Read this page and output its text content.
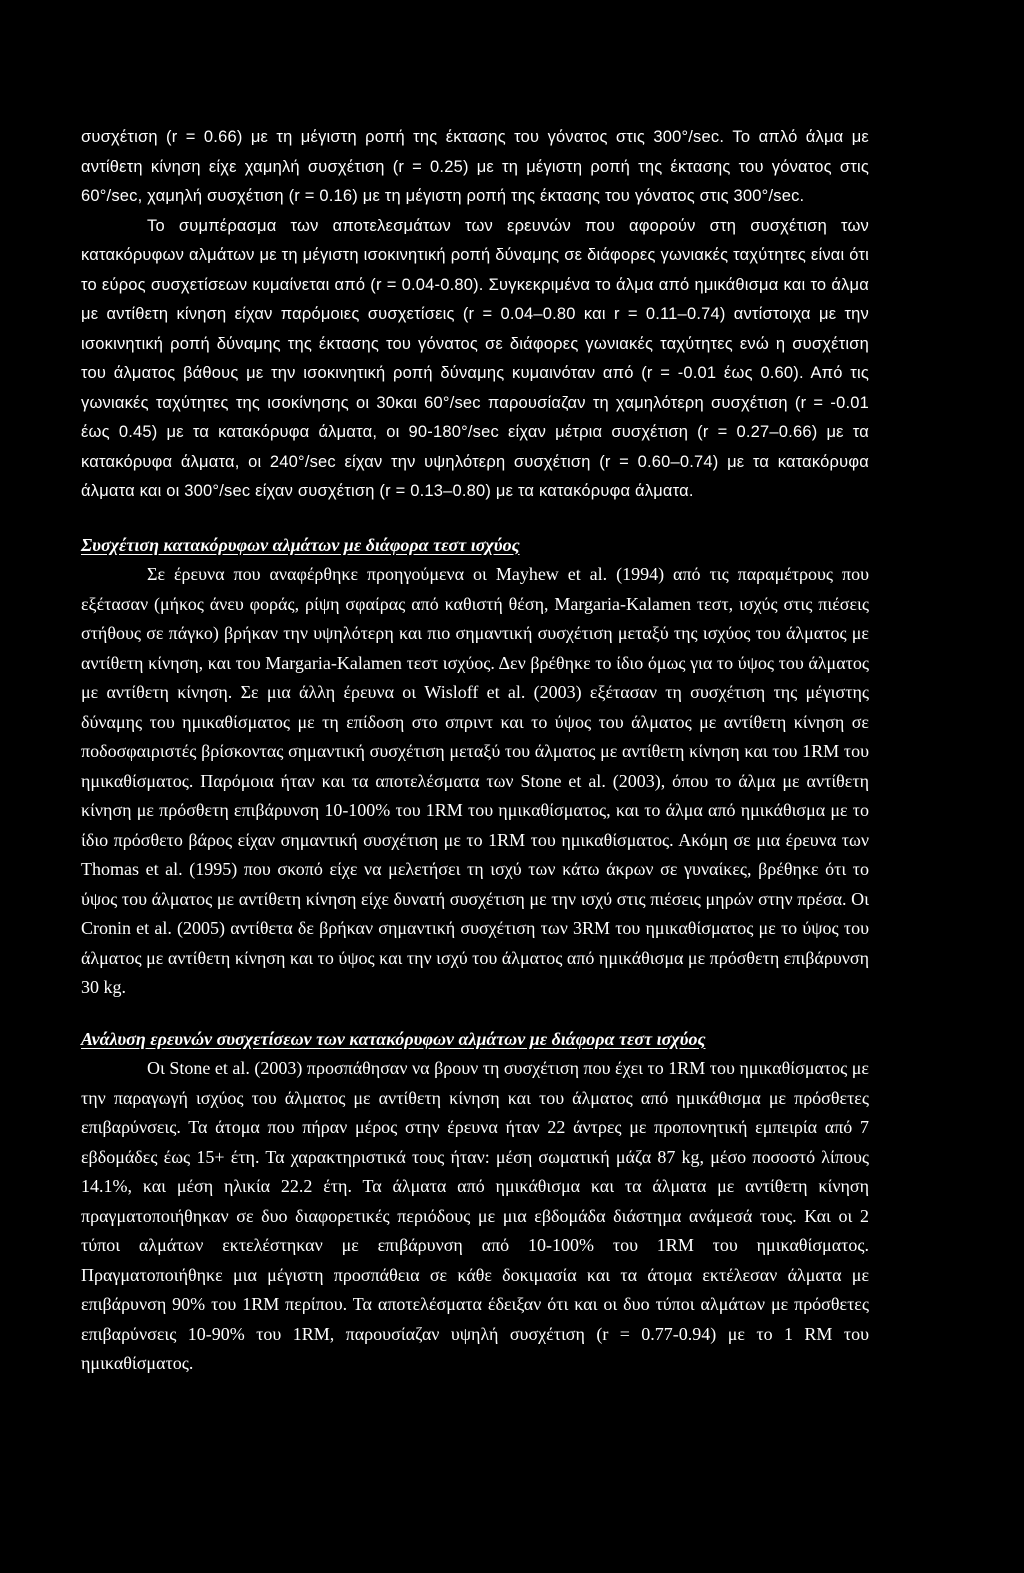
συσχέτιση (r = 0.66) με τη μέγιστη ροπή της έκτασης του γόνατος στις 300°/sec. Το απλό άλμα με αντίθετη κίνηση είχε χαμηλή συσχέτιση (r = 0.25) με τη μέγιστη ροπή της έκτασης του γόνατος στις 60°/sec, χαμηλή συσχέτιση (r = 0.16) με τη μέγιστη ροπή της έκτασης του γόνατος στις 300°/sec.

Το συμπέρασμα των αποτελεσμάτων των ερευνών που αφορούν στη συσχέτιση των κατακόρυφων αλμάτων με τη μέγιστη ισοκινητική ροπή δύναμης σε διάφορες γωνιακές ταχύτητες είναι ότι το εύρος συσχετίσεων κυμαίνεται από (r = 0.04-0.80). Συγκεκριμένα το άλμα από ημικάθισμα και το άλμα με αντίθετη κίνηση είχαν παρόμοιες συσχετίσεις (r = 0.04–0.80 και r = 0.11–0.74) αντίστοιχα με την ισοκινητική ροπή δύναμης της έκτασης του γόνατος σε διάφορες γωνιακές ταχύτητες ενώ η συσχέτιση του άλματος βάθους με την ισοκινητική ροπή δύναμης κυμαινόταν από (r = -0.01 έως 0.60). Από τις γωνιακές ταχύτητες της ισοκίνησης οι 30και 60°/sec παρουσίαζαν τη χαμηλότερη συσχέτιση (r = -0.01 έως 0.45) με τα κατακόρυφα άλματα, οι 90-180°/sec είχαν μέτρια συσχέτιση (r = 0.27–0.66) με τα κατακόρυφα άλματα, οι 240°/sec είχαν την υψηλότερη συσχέτιση (r = 0.60–0.74) με τα κατακόρυφα άλματα και οι 300°/sec είχαν συσχέτιση (r = 0.13–0.80) με τα κατακόρυφα άλματα.

Συσχέτιση κατακόρυφων αλμάτων με διάφορα τεστ ισχύος

Σε έρευνα που αναφέρθηκε προηγούμενα οι Mayhew et al. (1994) από τις παραμέτρους που εξέτασαν (μήκος άνευ φοράς, ρίψη σφαίρας από καθιστή θέση, Margaria-Kalamen τεστ, ισχύς στις πιέσεις στήθους σε πάγκο) βρήκαν την υψηλότερη και πιο σημαντική συσχέτιση μεταξύ της ισχύος του άλματος με αντίθετη κίνηση, και του Margaria-Kalamen τεστ ισχύος. Δεν βρέθηκε το ίδιο όμως για το ύψος του άλματος με αντίθετη κίνηση. Σε μια άλλη έρευνα οι Wisloff et al. (2003) εξέτασαν τη συσχέτιση της μέγιστης δύναμης του ημικαθίσματος με τη επίδοση στο σπριντ και το ύψος του άλματος με αντίθετη κίνηση σε ποδοσφαιριστές βρίσκοντας σημαντική συσχέτιση μεταξύ του άλματος με αντίθετη κίνηση και του 1RM του ημικαθίσματος. Παρόμοια ήταν και τα αποτελέσματα των Stone et al. (2003), όπου το άλμα με αντίθετη κίνηση με πρόσθετη επιβάρυνση 10-100% του 1RM του ημικαθίσματος, και το άλμα από ημικάθισμα με το ίδιο πρόσθετο βάρος είχαν σημαντική συσχέτιση με το 1RM του ημικαθίσματος. Ακόμη σε μια έρευνα των Thomas et al. (1995) που σκοπό είχε να μελετήσει τη ισχύ των κάτω άκρων σε γυναίκες, βρέθηκε ότι το ύψος του άλματος με αντίθετη κίνηση είχε δυνατή συσχέτιση με την ισχύ στις πιέσεις μηρών στην πρέσα. Οι Cronin et al. (2005) αντίθετα δε βρήκαν σημαντική συσχέτιση των 3RM του ημικαθίσματος με το ύψος του άλματος με αντίθετη κίνηση και το ύψος και την ισχύ του άλματος από ημικάθισμα με πρόσθετη επιβάρυνση 30 kg.

Ανάλυση ερευνών συσχετίσεων των κατακόρυφων αλμάτων με διάφορα τεστ ισχύος

Οι Stone et al. (2003) προσπάθησαν να βρουν τη συσχέτιση που έχει το 1RM του ημικαθίσματος με την παραγωγή ισχύος του άλματος με αντίθετη κίνηση και του άλματος από ημικάθισμα με πρόσθετες επιβαρύνσεις. Τα άτομα που πήραν μέρος στην έρευνα ήταν 22 άντρες με προπονητική εμπειρία από 7 εβδομάδες έως 15+ έτη. Τα χαρακτηριστικά τους ήταν: μέση σωματική μάζα 87 kg, μέσο ποσοστό λίπους 14.1%, και μέση ηλικία 22.2 έτη. Τα άλματα από ημικάθισμα και τα άλματα με αντίθετη κίνηση πραγματοποιήθηκαν σε δυο διαφορετικές περιόδους με μια εβδομάδα διάστημα ανάμεσά τους. Και οι 2 τύποι αλμάτων εκτελέστηκαν με επιβάρυνση από 10-100% του 1RM του ημικαθίσματος. Πραγματοποιήθηκε μια μέγιστη προσπάθεια σε κάθε δοκιμασία και τα άτομα εκτέλεσαν άλματα με επιβάρυνση 90% του 1RM περίπου. Τα αποτελέσματα έδειξαν ότι και οι δυο τύποι αλμάτων με πρόσθετες επιβαρύνσεις 10-90% του 1RM, παρουσίαζαν υψηλή συσχέτιση (r = 0.77-0.94) με το 1 RM του ημικαθίσματος.
